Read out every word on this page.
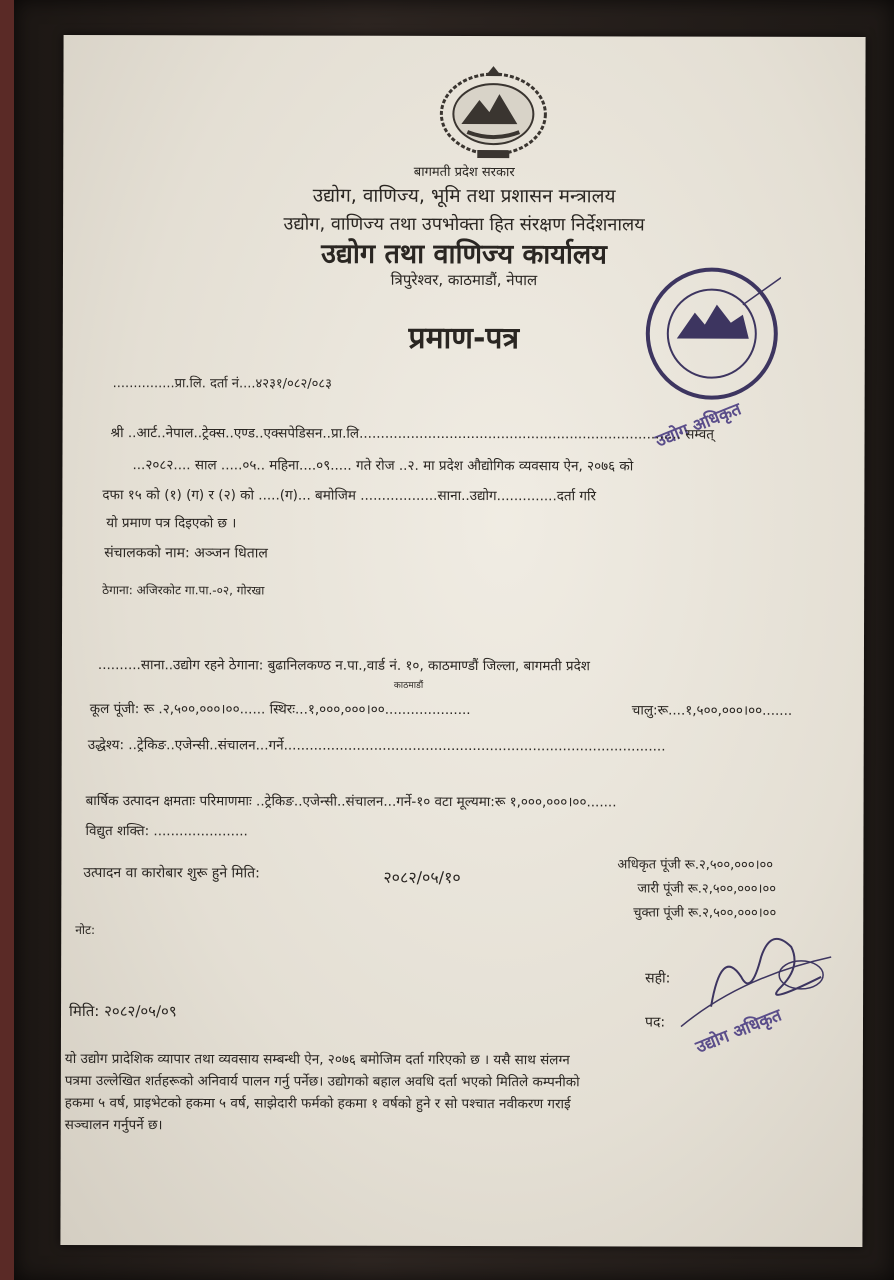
बागमती प्रदेश सरकार
उद्योग, वाणिज्य, भूमि तथा प्रशासन मन्त्रालय
उद्योग, वाणिज्य तथा उपभोक्ता हित संरक्षण निर्देशनालय
उद्योग तथा वाणिज्य कार्यालय
त्रिपुरेश्वर, काठमाडौं, नेपाल
उद्योग अधिकृत
प्रमाण-पत्र
...............प्रा.लि. दर्ता नं....४२३१/०८२/०८३
श्री ..आर्ट..नेपाल..ट्रेक्स..एण्ड..एक्सपेडिसन..प्रा.लि........................................................................... सम्वत्
...२०८२.... साल .....०५.. महिना....०९..... गते रोज ..२. मा प्रदेश औद्योगिक व्यवसाय ऐन, २०७६ को
दफा १५ को (१) (ग) र (२) को .....(ग)... बमोजिम ..................साना..उद्योग..............दर्ता गरि
यो प्रमाण पत्र दिइएको छ ।
संचालकको नाम: अञ्जन धिताल
ठेगाना: अजिरकोट गा.पा.-०२, गोरखा
..........साना..उद्योग रहने ठेगाना: बुढानिलकण्ठ न.पा.,वार्ड नं. १०, काठमाण्डौं जिल्ला, बागमती प्रदेश
काठमाडौं
कूल पूंजी: रू .२,५००,०००।००...... स्थिरः...१,०००,०००।००....................	चालु:रू....१,५००,०००।००.......
उद्धेश्य: ..ट्रेकिङ..एजेन्सी..संचालन...गर्ने.........................................................................................
बार्षिक उत्पादन क्षमताः परिमाणमाः ..ट्रेकिङ..एजेन्सी..संचालन...गर्ने-१० वटा मूल्यमा:रू १,०००,०००।००.......
विद्युत शक्ति: ......................
उत्पादन वा कारोबार शुरू हुने मिति:	२०८२/०५/१०
अधिकृत पूंजी रू.२,५००,०००।००
जारी पूंजी रू.२,५००,०००।००
चुक्ता पूंजी रू.२,५००,०००।००
नोट:
सही:
पद: उद्योग अधिकृत
मिति: २०८२/०५/०९
यो उद्योग प्रादेशिक व्यापार तथा व्यवसाय सम्बन्धी ऐन, २०७६ बमोजिम दर्ता गरिएको छ । यसै साथ संलग्न
पत्रमा उल्लेखित शर्तहरूको अनिवार्य पालन गर्नु पर्नेछ। उद्योगको बहाल अवधि दर्ता भएको मितिले कम्पनीको
हकमा ५ वर्ष, प्राइभेटको हकमा ५ वर्ष, साझेदारी फर्मको हकमा १ वर्षको हुने र सो पश्चात नवीकरण गराई
सञ्चालन गर्नुपर्ने छ।
